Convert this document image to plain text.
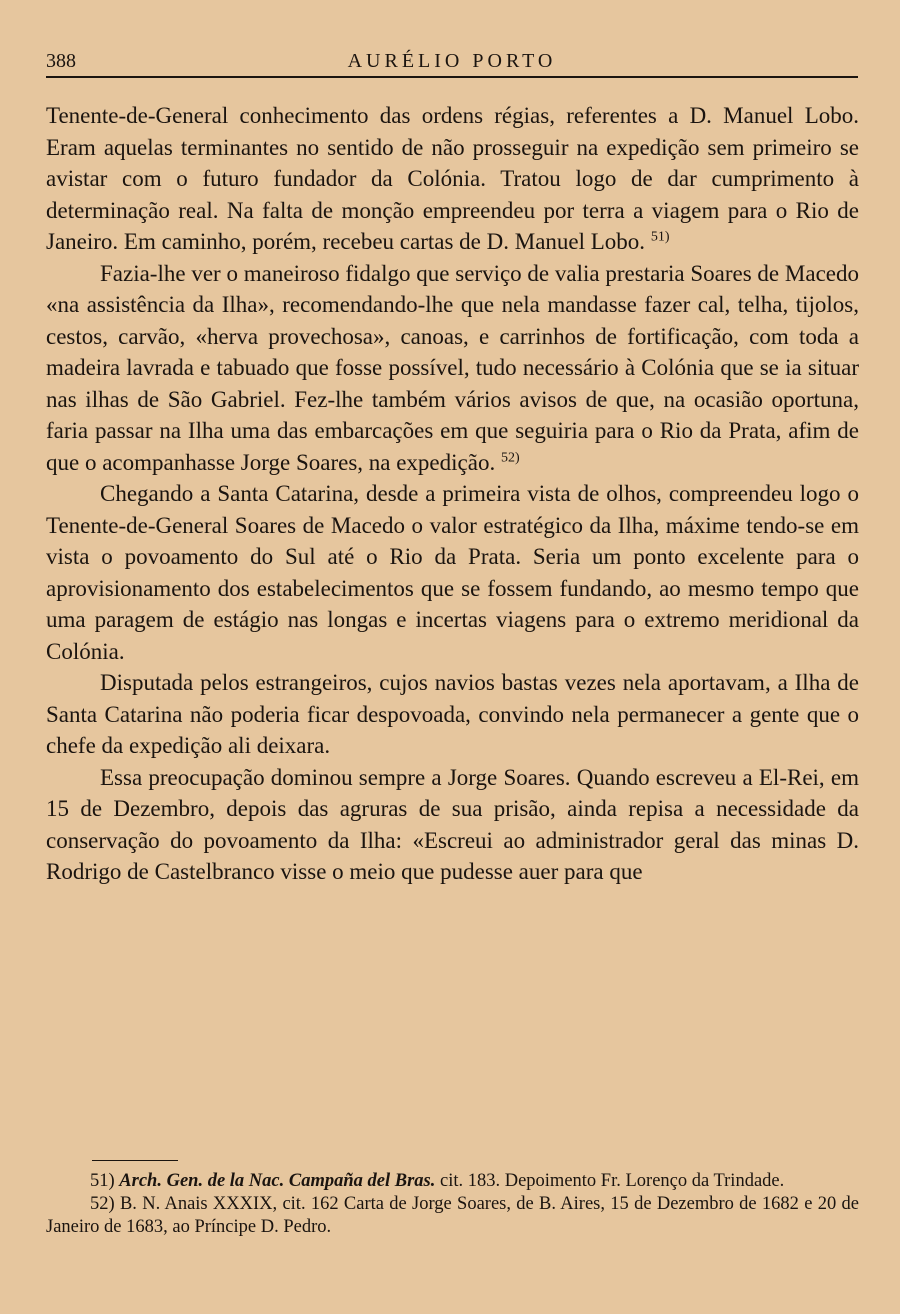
388	AURÉLIO PORTO

Tenente-de-General conhecimento das ordens régias, referentes a D. Manuel Lobo. Eram aquelas terminantes no sentido de não prosseguir na expedição sem primeiro se avistar com o futuro fundador da Colónia. Tratou logo de dar cumprimento à determinação real. Na falta de monção empreendeu por terra a viagem para o Rio de Janeiro. Em caminho, porém, recebeu cartas de D. Manuel Lobo. $^{51)}$

Fazia-lhe ver o maneiroso fidalgo que serviço de valia prestaria Soares de Macedo «na assistência da Ilha», recomendando-lhe que nela mandasse fazer cal, telha, tijolos, cestos, carvão, «herva provechosa», canoas, e carrinhos de fortificação, com toda a madeira lavrada e tabuado que fosse possível, tudo necessário à Colónia que se ia situar nas ilhas de São Gabriel. Fez-lhe também vários avisos de que, na ocasião oportuna, faria passar na Ilha uma das embarcações em que seguiria para o Rio da Prata, afim de que o acompanhasse Jorge Soares, na expedição. $^{52)}$

Chegando a Santa Catarina, desde a primeira vista de olhos, compreendeu logo o Tenente-de-General Soares de Macedo o valor estratégico da Ilha, máxime tendo-se em vista o povoamento do Sul até o Rio da Prata. Seria um ponto excelente para o aprovisionamento dos estabelecimentos que se fossem fundando, ao mesmo tempo que uma paragem de estágio nas longas e incertas viagens para o extremo meridional da Colónia.

Disputada pelos estrangeiros, cujos navios bastas vezes nela aportavam, a Ilha de Santa Catarina não poderia ficar despovoada, convindo nela permanecer a gente que o chefe da expedição ali deixara.

Essa preocupação dominou sempre a Jorge Soares. Quando escreveu a El-Rei, em 15 de Dezembro, depois das agruras de sua prisão, ainda repisa a necessidade da conservação do povoamento da Ilha: «Escreui ao administrador geral das minas D. Rodrigo de Castelbranco visse o meio que pudesse auer para que

51) Arch. Gen. de la Nac. Campaña del Bras. cit. 183. Depoimento Fr. Lorenço da Trindade.

52) B. N. Anais XXXIX, cit. 162 Carta de Jorge Soares, de B. Aires, 15 de Dezembro de 1682 e 20 de Janeiro de 1683, ao Príncipe D. Pedro.
